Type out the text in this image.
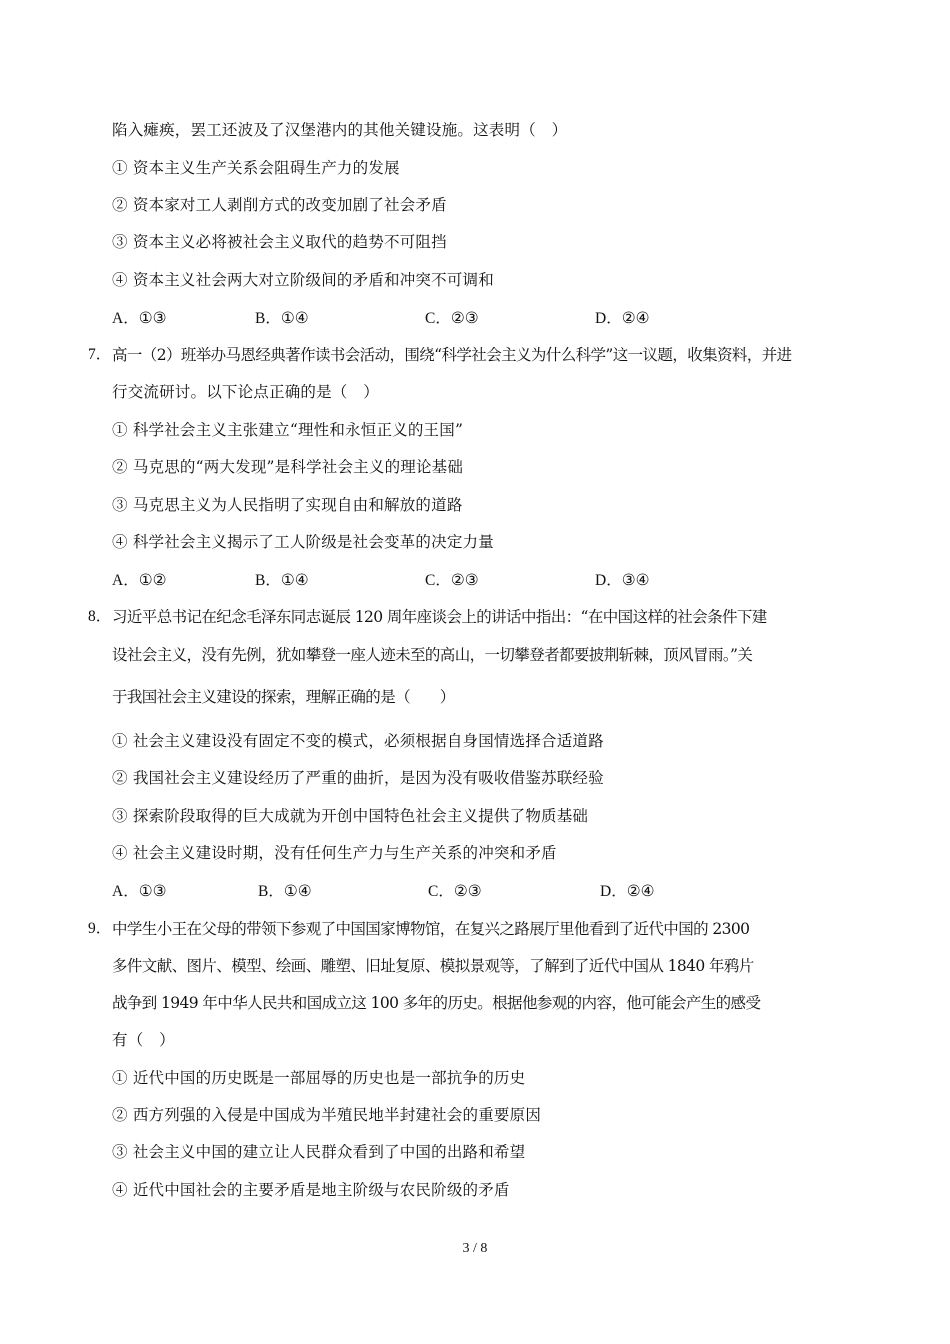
陷入瘫痪，罢工还波及了汉堡港内的其他关键设施。这表明（　）
① 资本主义生产关系会阻碍生产力的发展
② 资本家对工人剥削方式的改变加剧了社会矛盾
③ 资本主义必将被社会主义取代的趋势不可阻挡
④ 资本主义社会两大对立阶级间的矛盾和冲突不可调和
A．①③	B．①④	C．②③	D．②④
7． 高一（2）班举办马恩经典著作读书会活动，围绕“科学社会主义为什么科学”这一议题，收集资料，并进
行交流研讨。以下论点正确的是（　）
① 科学社会主义主张建立“理性和永恒正义的王国”
② 马克思的“两大发现”是科学社会主义的理论基础
③ 马克思主义为人民指明了实现自由和解放的道路
④ 科学社会主义揭示了工人阶级是社会变革的决定力量
A．①②	B．①④	C．②③	D．③④
8． 习近平总书记在纪念毛泽东同志诞辰 120 周年座谈会上的讲话中指出：“在中国这样的社会条件下建
设社会主义，没有先例，犹如攀登一座人迹未至的高山，一切攀登者都要披荆斩棘，顶风冒雨。”关
于我国社会主义建设的探索，理解正确的是（　　）
① 社会主义建设没有固定不变的模式，必须根据自身国情选择合适道路
② 我国社会主义建设经历了严重的曲折，是因为没有吸收借鉴苏联经验
③ 探索阶段取得的巨大成就为开创中国特色社会主义提供了物质基础
④ 社会主义建设时期，没有任何生产力与生产关系的冲突和矛盾
A．①③	B．①④	C．②③	D．②④
9． 中学生小王在父母的带领下参观了中国国家博物馆，在复兴之路展厅里他看到了近代中国的 2300
多件文献、图片、模型、绘画、雕塑、旧址复原、模拟景观等，了解到了近代中国从 1840 年鸦片
战争到 1949 年中华人民共和国成立这 100 多年的历史。根据他参观的内容，他可能会产生的感受
有（　）
① 近代中国的历史既是一部屈辱的历史也是一部抗争的历史
② 西方列强的入侵是中国成为半殖民地半封建社会的重要原因
③ 社会主义中国的建立让人民群众看到了中国的出路和希望
④ 近代中国社会的主要矛盾是地主阶级与农民阶级的矛盾
3 / 8
